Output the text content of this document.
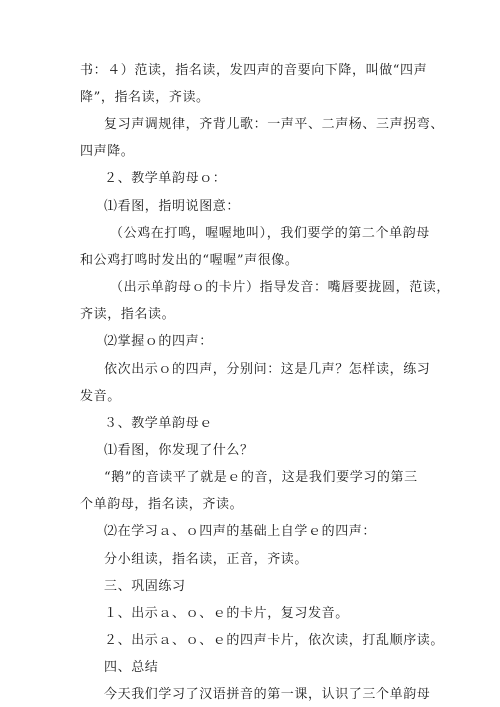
书：４）范读，指名读，发四声的音要向下降，叫做“四声
降”，指名读，齐读。
复习声调规律，齐背儿歌：一声平、二声杨、三声拐弯、
四声降。
２、教学单韵母ｏ：
⑴看图，指明说图意：
（公鸡在打鸣，喔喔地叫），我们要学的第二个单韵母
和公鸡打鸣时发出的“喔喔”声很像。
（出示单韵母ｏ的卡片）指导发音：嘴唇要拢圆，范读，
齐读，指名读。
⑵掌握ｏ的四声：
依次出示ｏ的四声，分别问：这是几声？怎样读，练习
发音。
３、教学单韵母ｅ
⑴看图，你发现了什么？
“鹅”的音读平了就是ｅ的音，这是我们要学习的第三
个单韵母，指名读，齐读。
⑵在学习ａ、ｏ四声的基础上自学ｅ的四声：
分小组读，指名读，正音，齐读。
三、巩固练习
１、出示ａ、ｏ、ｅ的卡片，复习发音。
２、出示ａ、ｏ、ｅ的四声卡片，依次读，打乱顺序读。
四、总结
今天我们学习了汉语拼音的第一课，认识了三个单韵母
